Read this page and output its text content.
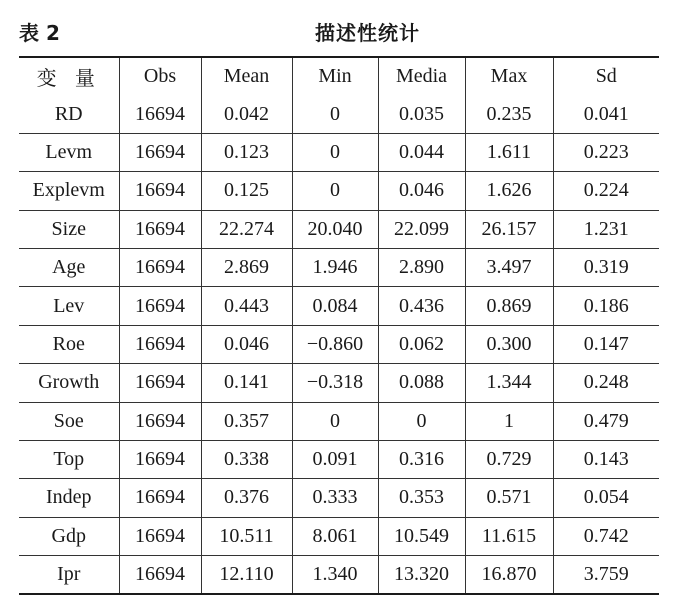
表 2	描述性统计
变 量	Obs	Mean	Min	Media	Max	Sd
RD	16694	0.042	0	0.035	0.235	0.041
Levm	16694	0.123	0	0.044	1.611	0.223
Explevm	16694	0.125	0	0.046	1.626	0.224
Size	16694	22.274	20.040	22.099	26.157	1.231
Age	16694	2.869	1.946	2.890	3.497	0.319
Lev	16694	0.443	0.084	0.436	0.869	0.186
Roe	16694	0.046	−0.860	0.062	0.300	0.147
Growth	16694	0.141	−0.318	0.088	1.344	0.248
Soe	16694	0.357	0	0	1	0.479
Top	16694	0.338	0.091	0.316	0.729	0.143
Indep	16694	0.376	0.333	0.353	0.571	0.054
Gdp	16694	10.511	8.061	10.549	11.615	0.742
Ipr	16694	12.110	1.340	13.320	16.870	3.759
